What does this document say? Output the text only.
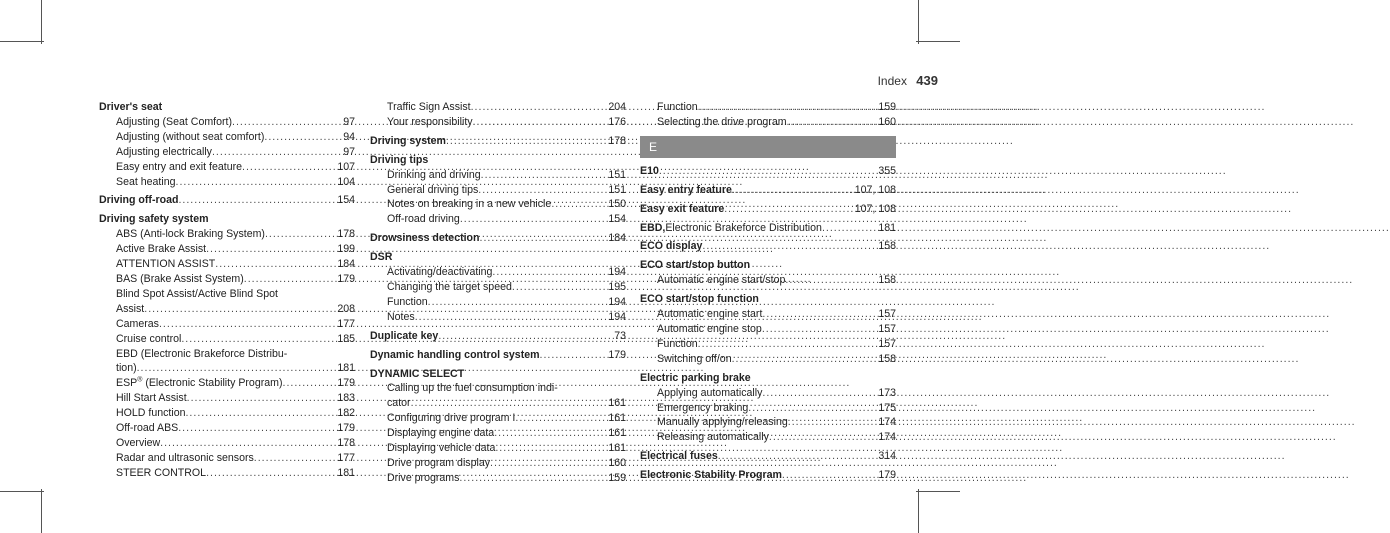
Index 439
Driver's seat
Adjusting (Seat Comfort) .....	97
Adjusting (without seat comfort) .....	94
Adjusting electrically .....	97
Easy entry and exit feature .....	107
Seat heating .....	104
Driving off-road .....	154
Driving safety system
ABS (Anti-lock Braking System) .....	178
Active Brake Assist .....	199
ATTENTION ASSIST .....	184
BAS (Brake Assist System) .....	179
Blind Spot Assist/Active Blind Spot
Assist .....	208
Cameras .....	177
Cruise control .....	185
EBD (Electronic Brakeforce Distribu‐
tion) .....	181
ESP® (Electronic Stability Program) .....	179
Hill Start Assist .....	183
HOLD function .....	182
Off-road ABS .....	179
Overview .....	178
Radar and ultrasonic sensors .....	177
STEER CONTROL .....	181
Traffic Sign Assist .....	204
Your responsibility .....	176
Driving system .....	178
Driving tips
Drinking and driving .....	151
General driving tips .....	151
Notes on breaking in a new vehicle .....	150
Off-road driving .....	154
Drowsiness detection .....	184
DSR
Activating/deactivating .....	194
Changing the target speed .....	195
Function .....	194
Notes .....	194
Duplicate key .....	73
Dynamic handling control system .....	179
DYNAMIC SELECT
Calling up the fuel consumption indi‐
cator .....	161
Configuring drive program I .....	161
Displaying engine data .....	161
Displaying vehicle data .....	161
Drive program display .....	160
Drive programs .....	159
Function .....	159
Selecting the drive program .....	160
E
E10 .....	355
Easy entry feature .....	107, 108
Easy exit feature .....	107, 108
EBD, Electronic Brakeforce Distribution .....	181
ECO display .....	158
ECO start/stop button
Automatic engine start/stop .....	158
ECO start/stop function
Automatic engine start .....	157
Automatic engine stop .....	157
Function .....	157
Switching off/on .....	158
Electric parking brake
Applying automatically .....	173
Emergency braking .....	175
Manually applying/releasing .....	174
Releasing automatically .....	174
Electrical fuses .....	314
Electronic Stability Program .....	179
